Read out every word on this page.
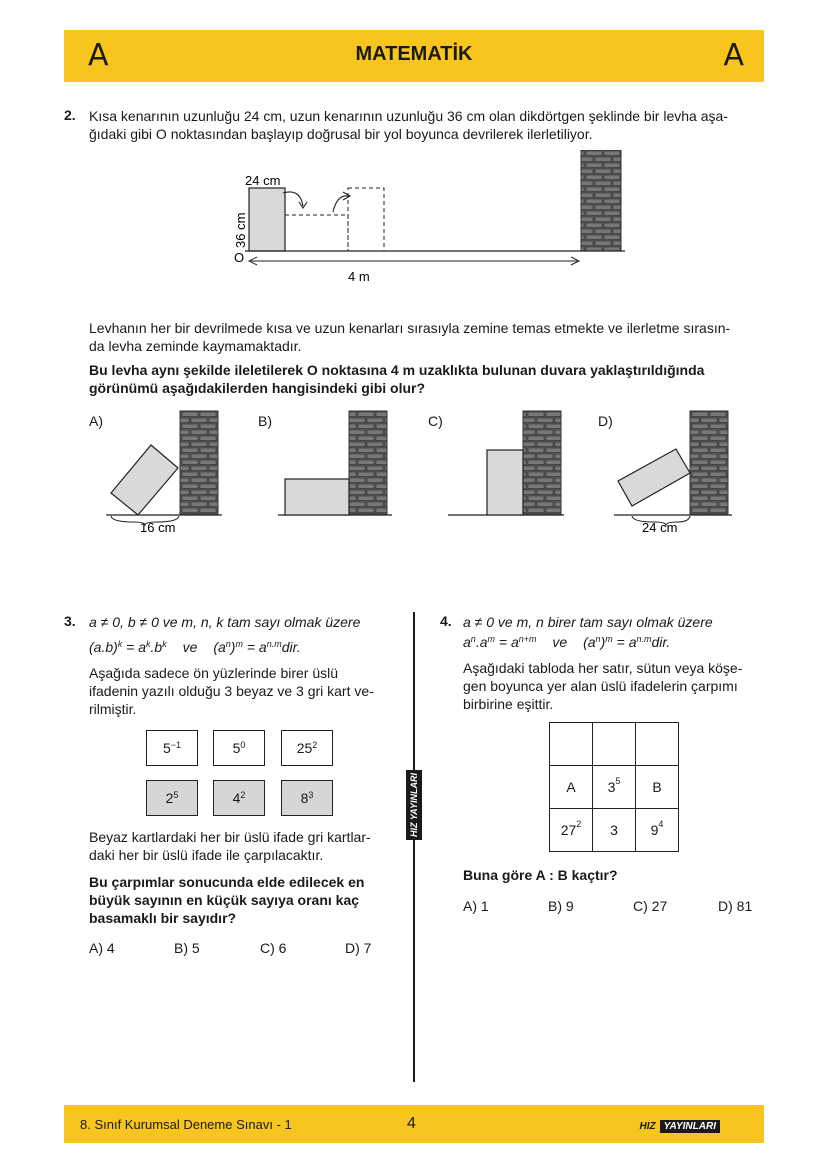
A	MATEMATİK	A
2. Kısa kenarının uzunluğu 24 cm, uzun kenarının uzunluğu 36 cm olan dikdörtgen şeklinde bir levha aşa-
ğıdaki gibi O noktasından başlayıp doğrusal bir yol boyunca devrilerek ilerletiliyor.
24 cm
36 cm
O
4 m
Levhanın her bir devrilmede kısa ve uzun kenarları sırasıyla zemine temas etmekte ve ilerletme sırasın-
da levha zeminde kaymamaktadır.
Bu levha aynı şekilde ileletilerek O noktasına 4 m uzaklıkta bulunan duvara yaklaştırıldığında
görünümü aşağıdakilerden hangisindeki gibi olur?
A)
16 cm
B)	C)	D)
24 cm
HIZ YAYINLARI
3. a ≠ 0, b ≠ 0 ve m, n, k tam sayı olmak üzere
$(a.b)^k = a^k.b^k$ ve $(a^n)^m = a^{n.m}dir$.
Aşağıda sadece ön yüzlerinde birer üslü
ifadenin yazılı olduğu 3 beyaz ve 3 gri kart ve-
rilmiştir.
$5^{-1}$	$5^0$	$25^2$
$2^5$	$4^2$	$8^3$
Beyaz kartlardaki her bir üslü ifade gri kartlar-
daki her bir üslü ifade ile çarpılacaktır.
Bu çarpımlar sonucunda elde edilecek en
büyük sayının en küçük sayıya oranı kaç
basamaklı bir sayıdır?
A) 4	B) 5	C) 6	D) 7
4. a ≠ 0 ve m, n birer tam sayı olmak üzere
$a^n.a^m = a^{n+m}$ ve $(a^n)^m = a^{n.m}dir$.
Aşağıdaki tabloda her satır, sütun veya köşe-
gen boyunca yer alan üslü ifadelerin çarpımı
birbirine eşittir.

A	$3^5$	B
$27^2$	3	$9^4$
Buna göre A : B kaçtır?
A) 1	B) 9	C) 27	D) 81
8. Sınıf Kurumsal Deneme Sınavı - 1	4	HIZ YAYINLARI
